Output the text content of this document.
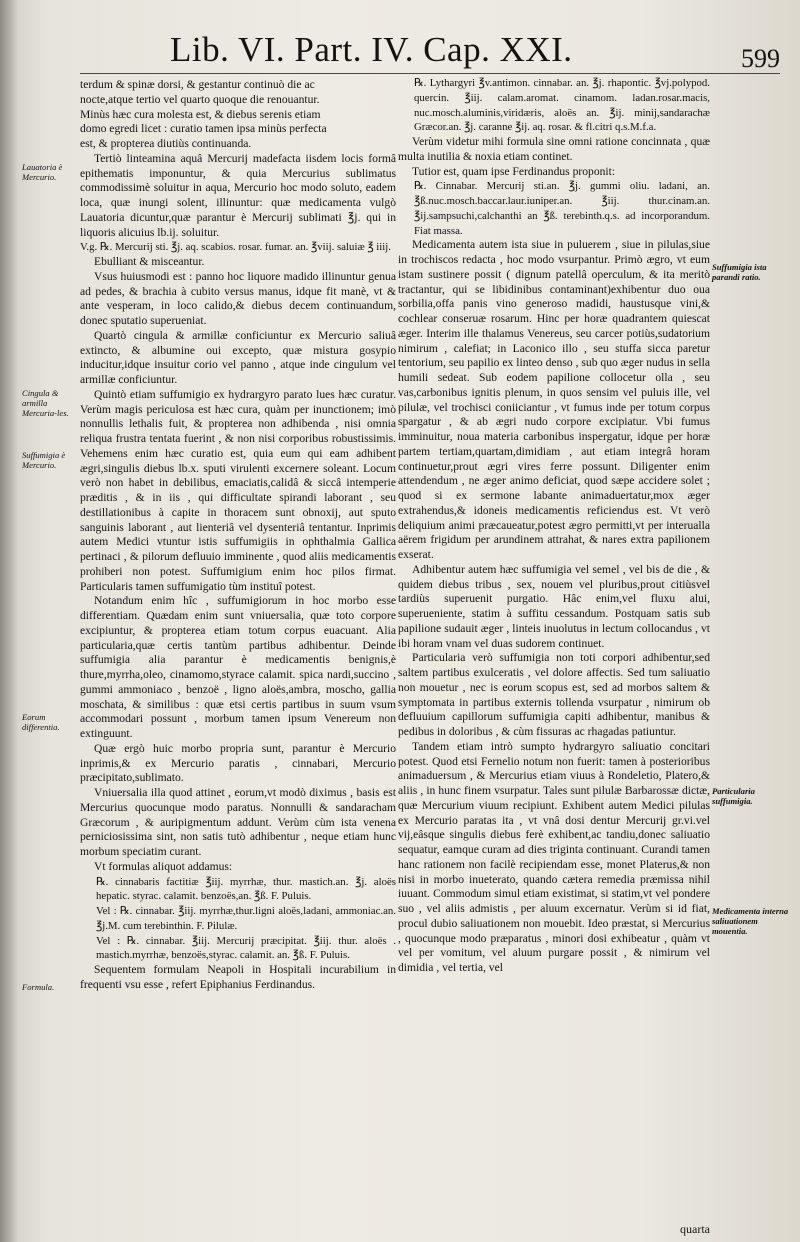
Lib. VI. Part. IV. Cap. XXI.	599

terdum & spinæ dorsi, & gestantur continuò die ac

nocte,atque tertio vel quarto quoque die renouantur.

Minùs hæc cura molesta est, & diebus serenis etiam

domo egredi licet : curatio tamen ipsa minùs perfecta

est, & propterea diutiùs continuanda.

Tertiò linteamina aquâ Mercurij madefacta iisdem locis formâ epithematis imponuntur, & quia Mercurius sublimatus commodissimè soluitur in aqua, Mercurio hoc modo soluto, eadem loca, quæ inungi solent, illinuntur: quæ medicamenta vulgò Lauatoria dicuntur,quæ parantur è Mercurij sublimati ℥j. qui in liquoris alicuius lb.ij. soluitur.

V.g. ℞. Mercurij sti. ℥j. aq. scabios. rosar. fumar. an. ℥viij. saluiæ ℥ iiij.

Ebulliant & misceantur.

Vsus huiusmodi est : panno hoc liquore madido illinuntur genua ad pedes, & brachia à cubito versus manus, idque fit manè, vt & ante vesperam, in loco calido,& diebus decem continuandum, donec sputatio superueniat.

Quartò cingula & armillæ conficiuntur ex Mercurio saliuâ extincto, & albumine oui excepto, quæ mistura gosypio inducitur,idque insuitur corio vel panno , atque inde cingulum vel armillæ conficiuntur.

Quintò etiam suffumigio ex hydrargyro parato lues hæc curatur. Verùm magis periculosa est hæc cura, quàm per inunctionem; imò nonnullis lethalis fuit, & propterea non adhibenda , nisi omnia reliqua frustra tentata fuerint , & non nisi corporibus robustissimis. Vehemens enim hæc curatio est, quia eum qui eam adhibent ægri,singulis diebus lb.x. sputi virulenti excernere soleant. Locum verò non habet in debilibus, emaciatis,calidâ & siccâ intemperie præditis , & in iis , qui difficultate spirandi laborant , seu destillationibus à capite in thoracem sunt obnoxij, aut sputo sanguinis laborant , aut lienteriâ vel dysenteriâ tentantur. Inprimis autem Medici vtuntur istis suffumigiis in ophthalmia Gallica pertinaci , & pilorum defluuio imminente , quod aliis medicamentis prohiberi non potest. Suffumigium enim hoc pilos firmat. Particularis tamen suffumigatio tùm instituî potest.

Notandum enim hîc , suffumigiorum in hoc morbo esse differentiam. Quædam enim sunt vniuersalia, quæ toto corpore excipiuntur, & propterea etiam totum corpus euacuant. Alia particularia,quæ certis tantùm partibus adhibentur. Deinde suffumigia alia parantur è medicamentis benignis,è thure,myrrha,oleo, cinamomo,styrace calamit. spica nardi,succino , gummi ammoniaco , benzoë , ligno aloës,ambra, moscho, gallia moschata, & similibus : quæ etsi certis partibus in suum vsum accommodari possunt , morbum tamen ipsum Venereum non extinguunt.

Quæ ergò huic morbo propria sunt, parantur è Mercurio inprimis,& ex Mercurio paratis , cinnabari, Mercurio præcipitato,sublimato.

Vniuersalia illa quod attinet , eorum,vt modò diximus , basis est Mercurius quocunque modo paratus. Nonnulli & sandaracham Græcorum , & auripigmentum addunt. Verùm cùm ista venena perniciosissima sint, non satis tutò adhibentur , neque etiam hunc morbum speciatim curant.

Vt formulas aliquot addamus:

℞. cinnabaris factitiæ ℥iij. myrrhæ, thur. mastich.an. ℥j. aloës hepatic. styrac. calamit. benzoës,an. ℥ß. F. Puluis.

Vel : ℞. cinnabar. ℥iij. myrrhæ,thur.ligni aloës,ladani, ammoniac.an. ℥j.M. cum terebinthin. F. Pilulæ.

Vel : ℞. cinnabar. ℥iij. Mercurij præcipitat. ℥iij. thur. aloës . mastich.myrrhæ, benzoës,styrac. calamit. an. ℥ß. F. Puluis.

Sequentem formulam Neapoli in Hospitali incurabilium in frequenti vsu esse , refert Epiphanius Ferdinandus.

℞. Lythargyri ℥v.antimon. cinnabar. an. ℥j. rhapontic. ℥vj.polypod. quercin. ℥iij. calam.aromat. cinamom. ladan.rosar.macis, nuc.mosch.aluminis,viridæris, aloës an. ℥ij. minij,sandarachæ Græcor.an. ℥j. caranne ℥ij. aq. rosar. & fl.citri q.s.M.f.a.

Verùm videtur mihi formula sine omni ratione concinnata , quæ multa inutilia & noxia etiam continet.

Tutior est, quam ipse Ferdinandus proponit:

℞. Cinnabar. Mercurij sti.an. ℥j. gummi oliu. ladani, an. ℥ß.nuc.mosch.baccar.laur.iuniper.an. ℥iij. thur.cinam.an. ℥ij.sampsuchi,calchanthi an ℥ß. terebinth.q.s. ad incorporandum. Fiat massa.

Medicamenta autem ista siue in puluerem , siue in pilulas,siue in trochiscos redacta , hoc modo vsurpantur. Primò ægro, vt eum istam sustinere possit ( dignum patellâ operculum, & ita meritò tractantur, qui se libidinibus contaminant)exhibentur duo oua sorbilia,offa panis vino generoso madidi, haustusque vini,& cochlear conseruæ rosarum. Hinc per horæ quadrantem quiescat æger. Interim ille thalamus Venereus, seu carcer potiùs,sudatorium nimirum , calefiat; in Laconico illo , seu stuffa sicca paretur tentorium, seu papilio ex linteo denso , sub quo æger nudus in sella humili sedeat. Sub eodem papilione collocetur olla , seu vas,carbonibus ignitis plenum, in quos sensim vel puluis ille, vel pilulæ, vel trochisci coniiciantur , vt fumus inde per totum corpus spargatur , & ab ægri nudo corpore excipiatur. Vbi fumus imminuitur, noua materia carbonibus inspergatur, idque per horæ partem tertiam,quartam,dimidiam , aut etiam integrâ horam continuetur,prout ægri vires ferre possunt. Diligenter enim attendendum , ne æger animo deficiat, quod sæpe accidere solet ; quod si ex sermone labante animaduertatur,mox æger extrahendus,& idoneis medicamentis reficiendus est. Vt verò deliquium animi præcaueatur,potest ægro permitti,vt per interualla aërem frigidum per arundinem attrahat, & nares extra papilionem exserat.

Adhibentur autem hæc suffumigia vel semel , vel bis de die , & quidem diebus tribus , sex, nouem vel pluribus,prout citiùsvel tardiùs superuenit purgatio. Hâc enim,vel fluxu alui, superueniente, statim à suffitu cessandum. Postquam satis sub papilione sudauit æger , linteis inuolutus in lectum collocandus , vt ibi horam vnam vel duas sudorem continuet.

Particularia verò suffumigia non toti corpori adhibentur,sed saltem partibus exulceratis , vel dolore affectis. Sed tum saliuatio non mouetur , nec is eorum scopus est, sed ad morbos saltem & symptomata in partibus externis tollenda vsurpatur , nimirum ob defluuium capillorum suffumigia capiti adhibentur, manibus & pedibus in doloribus , & cùm fissuras ac rhagadas patiuntur.

Tandem etiam intrò sumpto hydrargyro saliuatio concitari potest. Quod etsi Fernelio notum non fuerit: tamen à posterioribus animaduersum , & Mercurius etiam viuus à Rondeletio, Platero,& aliis , in hunc finem vsurpatur. Tales sunt pilulæ Barbarossæ dictæ, quæ Mercurium viuum recipiunt. Exhibent autem Medici pilulas ex Mercurio paratas ita , vt vnâ dosi dentur Mercurij gr.vi.vel vij,eâsque singulis diebus ferè exhibent,ac tandiu,donec saliuatio sequatur, eamque curam ad dies triginta continuant. Curandi tamen hanc rationem non facilè recipiendam esse, monet Platerus,& non nisi in morbo inueterato, quando cætera remedia præmissa nihil iuuant. Commodum simul etiam existimat, si statim,vt vel pondere suo , vel aliis admistis , per aluum excernatur. Verùm si id fiat, procul dubio saliuationem non mouebit. Ideo præstat, si Mercurius , quocunque modo præparatus , minori dosi exhibeatur , quàm vt vel per vomitum, vel aluum purgare possit , & nimirum vel dimidia , vel tertia, vel

Lauatoria è Mercurio.
Cingula & armilla Mercuria-les.
Suffumigia è Mercurio.
Eorum differentia.
Formula.
Suffumigia ista parandi ratio.
Particularia suffumigia.
Medicamenta interna saliuationem mouentia.
quarta
